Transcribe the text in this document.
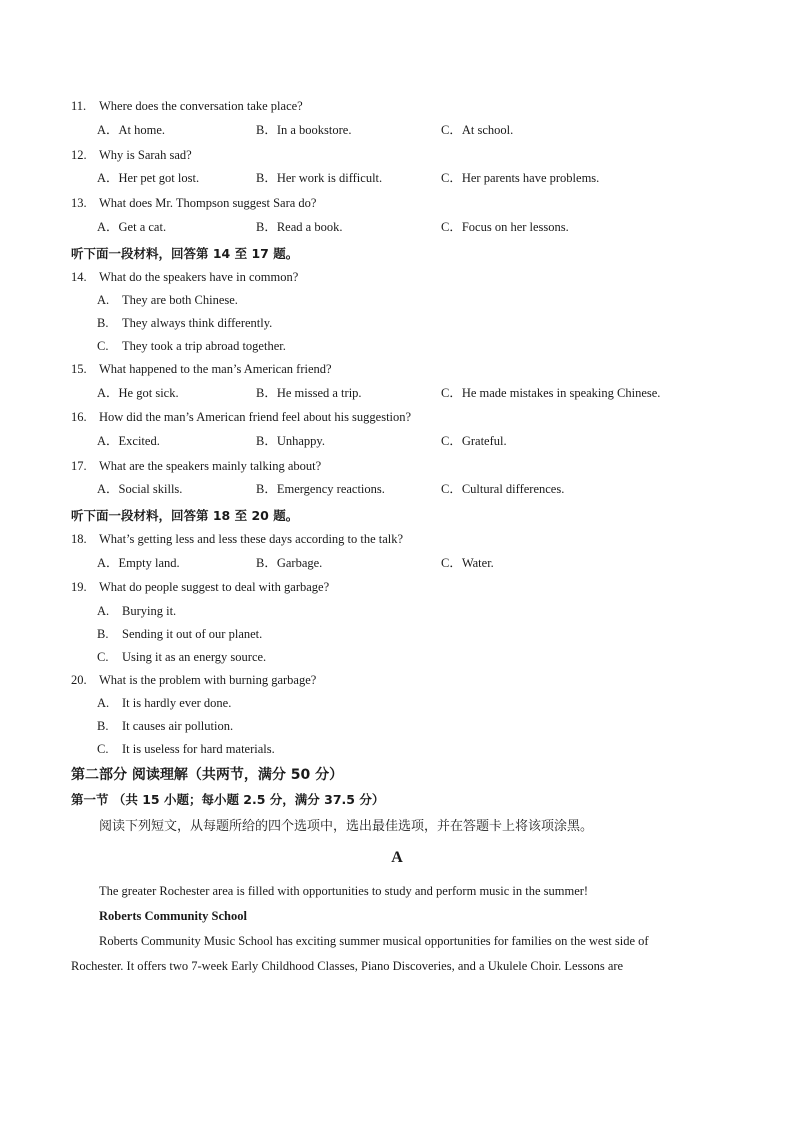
11. Where does the conversation take place?
A．At home.	B．In a bookstore.	C．At school.
12. Why is Sarah sad?
A．Her pet got lost.	B．Her work is difficult.	C．Her parents have problems.
13. What does Mr. Thompson suggest Sara do?
A．Get a cat.	B．Read a book.	C．Focus on her lessons.
听下面一段材料，回答第 14 至 17 题。
14. What do the speakers have in common?
A. They are both Chinese.
B. They always think differently.
C. They took a trip abroad together.
15. What happened to the man’s American friend?
A．He got sick.	B．He missed a trip.	C．He made mistakes in speaking Chinese.
16. How did the man’s American friend feel about his suggestion?
A．Excited.	B．Unhappy.	C．Grateful.
17. What are the speakers mainly talking about?
A．Social skills.	B．Emergency reactions.	C．Cultural differences.
听下面一段材料，回答第 18 至 20 题。
18. What’s getting less and less these days according to the talk?
A．Empty land.	B．Garbage.	C．Water.
19. What do people suggest to deal with garbage?
A. Burying it.
B. Sending it out of our planet.
C. Using it as an energy source.
20. What is the problem with burning garbage?
A. It is hardly ever done.
B. It causes air pollution.
C. It is useless for hard materials.
第二部分 阅读理解（共两节，满分 50 分）
第一节 （共 15 小题；每小题 2.5 分，满分 37.5 分）
阅读下列短文，从每题所给的四个选项中，选出最佳选项，并在答题卡上将该项涂黑。
A
The greater Rochester area is filled with opportunities to study and perform music in the summer!
Roberts Community School
Roberts Community Music School has exciting summer musical opportunities for families on the west side of
Rochester. It offers two 7-week Early Childhood Classes, Piano Discoveries, and a Ukulele Choir. Lessons are
